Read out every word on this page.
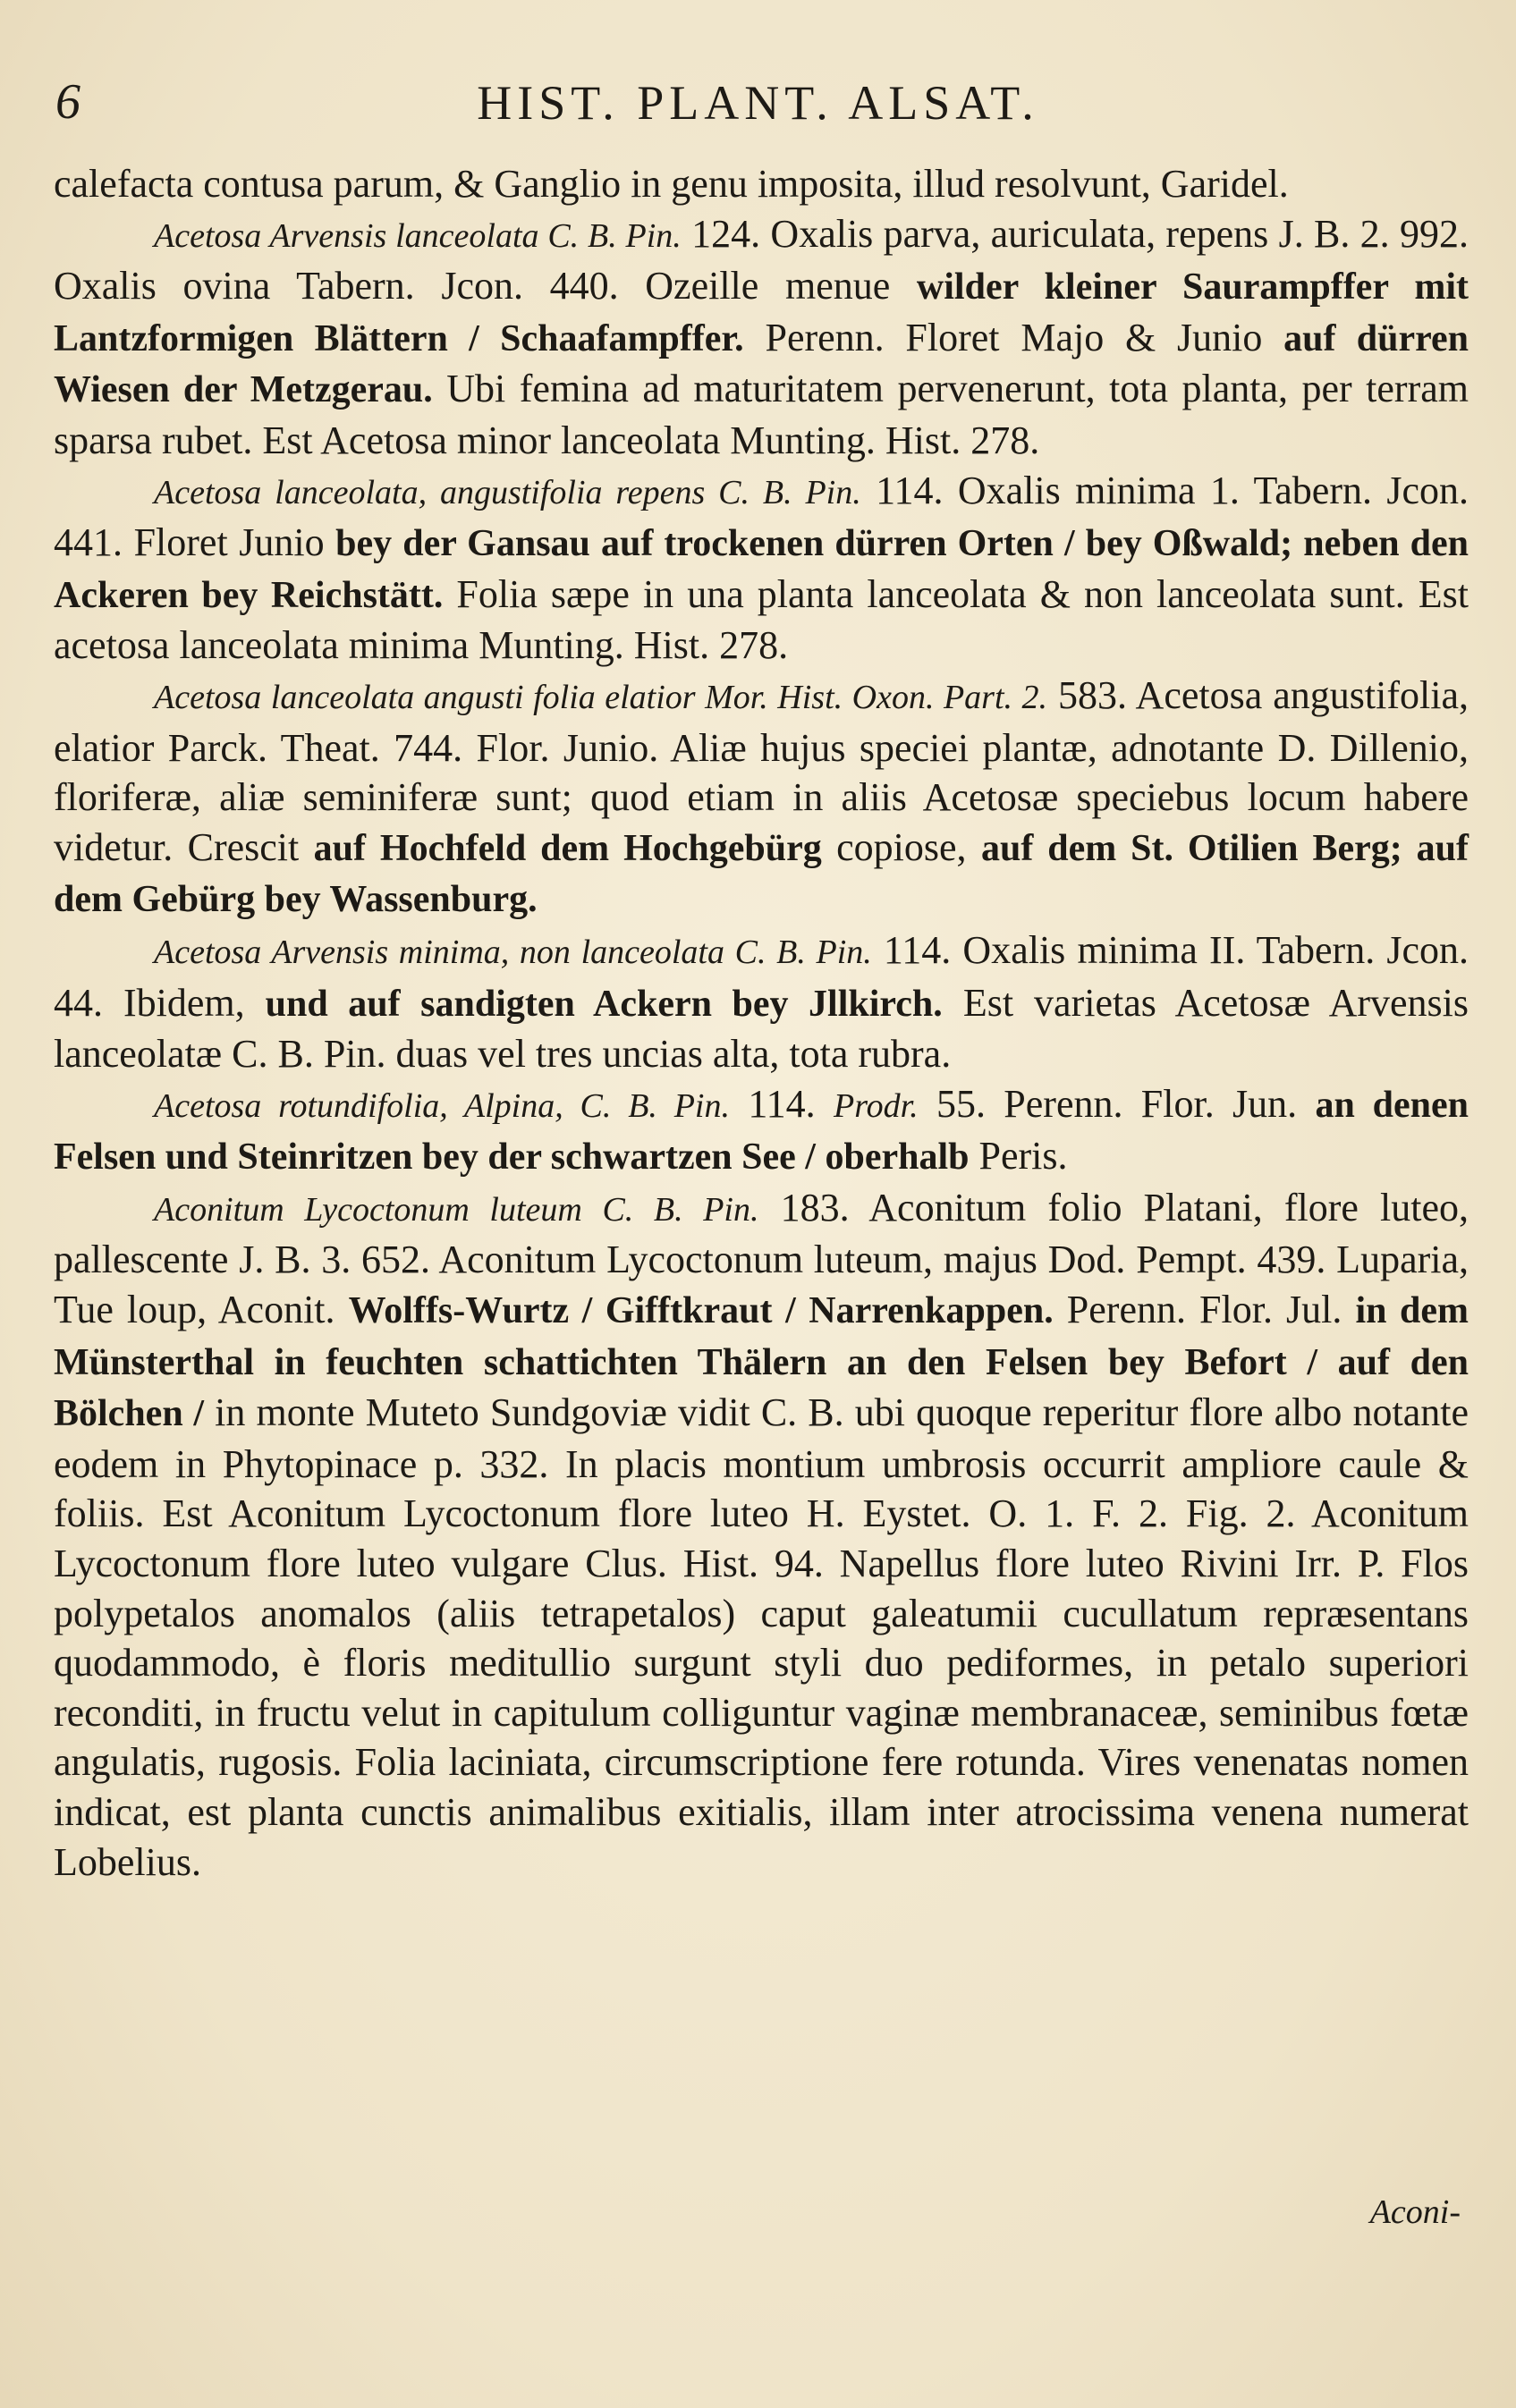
6	HIST. PLANT. ALSAT.

calefacta contusa parum, & Ganglio in genu imposita, illud resolvunt, Garidel.

Acetosa Arvensis lanceolata C. B. Pin. 124. Oxalis parva, auriculata, repens J. B. 2. 992. Oxalis ovina Tabern. Jcon. 440. Ozeille menue wilder kleiner Saurampffer mit Lantzformigen Blättern / Schaafampffer. Perenn. Floret Majo & Junio auf dürren Wiesen der Metzgerau. Ubi femina ad maturitatem pervenerunt, tota planta, per terram sparsa rubet. Est Acetosa minor lanceolata Munting. Hist. 278.

Acetosa lanceolata, angustifolia repens C. B. Pin. 114. Oxalis minima 1. Tabern. Jcon. 441. Floret Junio bey der Gansau auf trockenen dürren Orten / bey Oßwald; neben den Ackeren bey Reichstätt. Folia sæpe in una planta lanceolata & non lanceolata sunt. Est acetosa lanceolata minima Munting. Hist. 278.

Acetosa lanceolata angusti folia elatior Mor. Hist. Oxon. Part. 2. 583. Acetosa angustifolia, elatior Parck. Theat. 744. Flor. Junio. Aliæ hujus speciei plantæ, adnotante D. Dillenio, floriferæ, aliæ seminiferæ sunt; quod etiam in aliis Acetosæ speciebus locum habere videtur. Crescit auf Hochfeld dem Hochgebürg copiose, auf dem St. Otilien Berg; auf dem Gebürg bey Wassenburg.

Acetosa Arvensis minima, non lanceolata C. B. Pin. 114. Oxalis minima II. Tabern. Jcon. 44. Ibidem, und auf sandigten Ackern bey Jllkirch. Est varietas Acetosæ Arvensis lanceolatæ C. B. Pin. duas vel tres uncias alta, tota rubra.

Acetosa rotundifolia, Alpina, C. B. Pin. 114. Prodr. 55. Perenn. Flor. Jun. an denen Felsen und Steinritzen bey der schwartzen See / oberhalb Peris.

Aconitum Lycoctonum luteum C. B. Pin. 183. Aconitum folio Platani, flore luteo, pallescente J. B. 3. 652. Aconitum Lycoctonum luteum, majus Dod. Pempt. 439. Luparia, Tue loup, Aconit. Wolffs-Wurtz / Gifftkraut / Narrenkappen. Perenn. Flor. Jul. in dem Münsterthal in feuchten schattichten Thälern an den Felsen bey Befort / auf den Bölchen / in monte Muteto Sundgoviæ vidit C. B. ubi quoque reperitur flore albo notante eodem in Phytopinace p. 332. In placis montium umbrosis occurrit ampliore caule & foliis. Est Aconitum Lycoctonum flore luteo H. Eystet. O. 1. F. 2. Fig. 2. Aconitum Lycoctonum flore luteo vulgare Clus. Hist. 94. Napellus flore luteo Rivini Irr. P. Flos polypetalos anomalos (aliis tetrapetalos) caput galeatumii cucullatum repræsentans quodammodo, è floris meditullio surgunt styli duo pediformes, in petalo superiori reconditi, in fructu velut in capitulum colliguntur vaginæ membranaceæ, seminibus fœtæ angulatis, rugosis. Folia laciniata, circumscriptione fere rotunda. Vires venenatas nomen indicat, est planta cunctis animalibus exitialis, illam inter atrocissima venena numerat Lobelius.

Aconi-
